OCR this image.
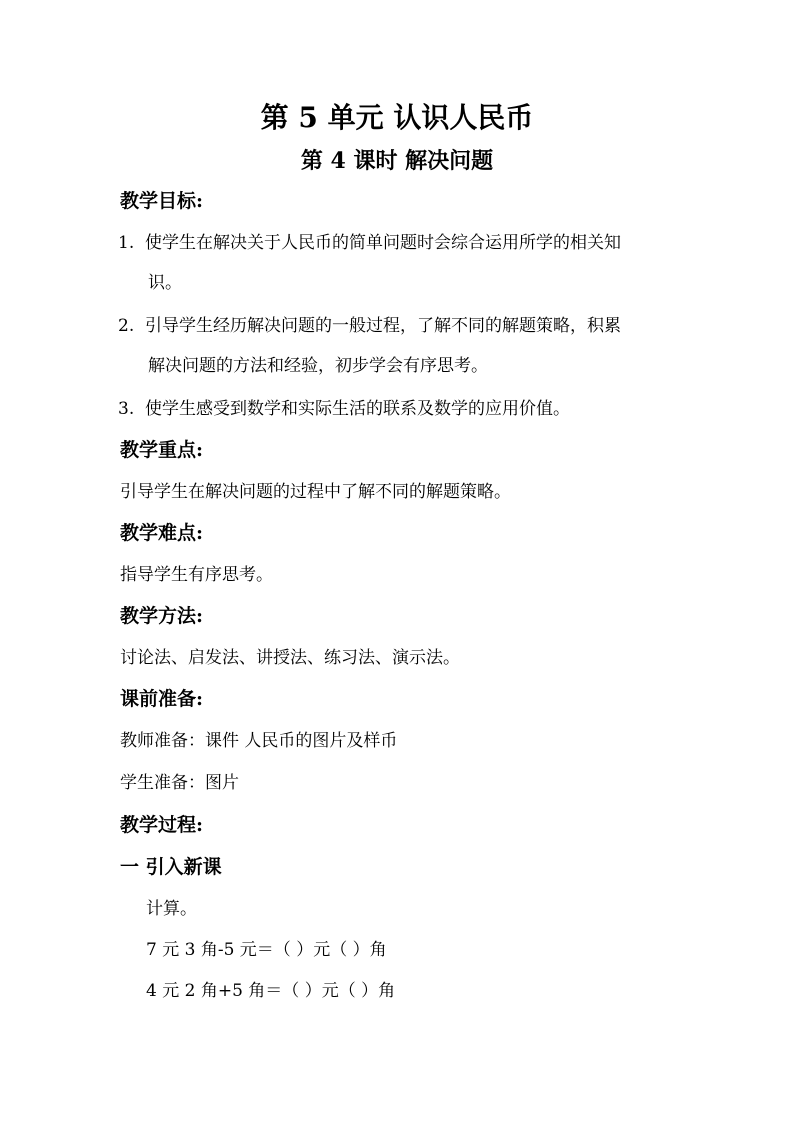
第 5 单元 认识人民币
第 4 课时 解决问题
教学目标:
1. 使学生在解决关于人民币的简单问题时会综合运用所学的相关知
识。
2. 引导学生经历解决问题的一般过程，了解不同的解题策略，积累
解决问题的方法和经验，初步学会有序思考。
3. 使学生感受到数学和实际生活的联系及数学的应用价值。
教学重点:
引导学生在解决问题的过程中了解不同的解题策略。
教学难点:
指导学生有序思考。
教学方法:
讨论法、启发法、讲授法、练习法、演示法。
课前准备:
教师准备：课件 人民币的图片及样币
学生准备：图片
教学过程:
一 引入新课
计算。
7 元 3 角-5 元＝（ ）元（ ）角
4 元 2 角+5 角＝（ ）元（ ）角
